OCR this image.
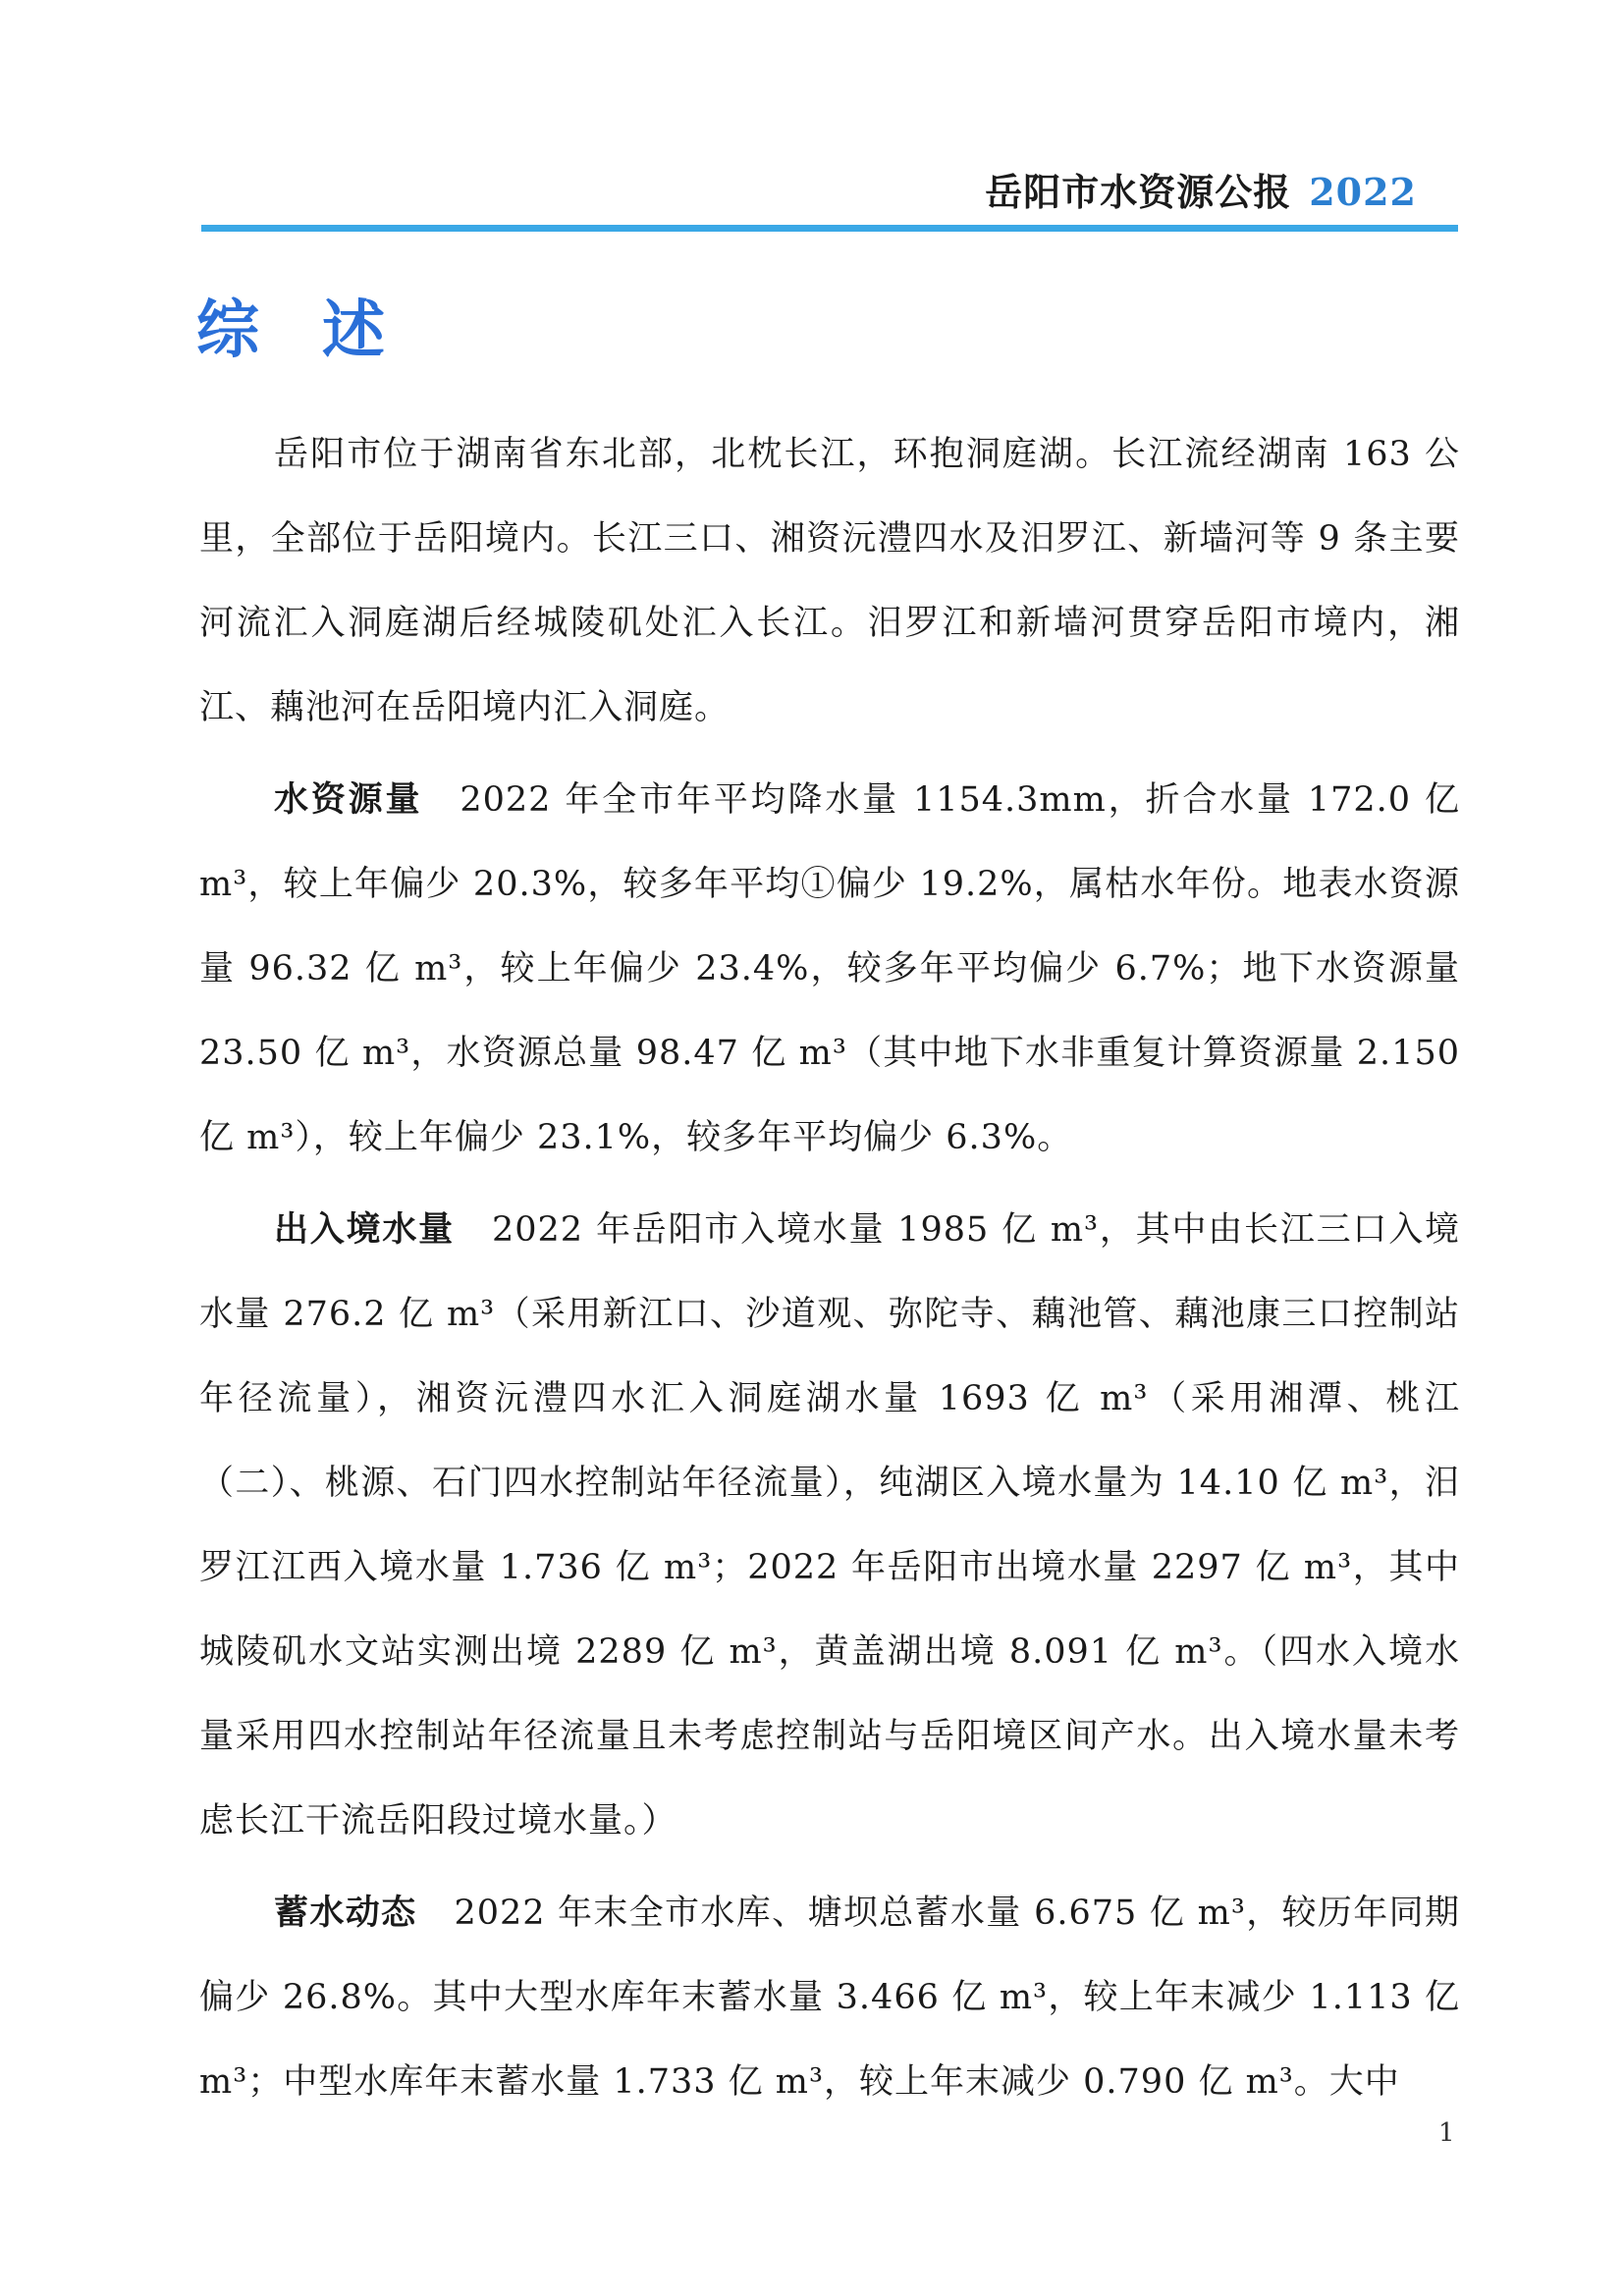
岳阳市水资源公报 2022
综述

岳阳市位于湖南省东北部，北枕长江，环抱洞庭湖。长江流经湖南 163 公里，全部位于岳阳境内。长江三口、湘资沅澧四水及汨罗江、新墙河等 9 条主要河流汇入洞庭湖后经城陵矶处汇入长江。汨罗江和新墙河贯穿岳阳市境内，湘江、藕池河在岳阳境内汇入洞庭。

水资源量 2022 年全市年平均降水量 1154.3mm，折合水量 172.0 亿 m³，较上年偏少 20.3%，较多年平均①偏少 19.2%，属枯水年份。地表水资源量 96.32 亿 m³，较上年偏少 23.4%，较多年平均偏少 6.7%；地下水资源量 23.50 亿 m³，水资源总量 98.47 亿 m³（其中地下水非重复计算资源量 2.150 亿 m³），较上年偏少 23.1%，较多年平均偏少 6.3%。

出入境水量 2022 年岳阳市入境水量 1985 亿 m³，其中由长江三口入境水量 276.2 亿 m³（采用新江口、沙道观、弥陀寺、藕池管、藕池康三口控制站年径流量），湘资沅澧四水汇入洞庭湖水量 1693 亿 m³（采用湘潭、桃江（二）、桃源、石门四水控制站年径流量），纯湖区入境水量为 14.10 亿 m³，汨罗江江西入境水量 1.736 亿 m³；2022 年岳阳市出境水量 2297 亿 m³，其中城陵矶水文站实测出境 2289 亿 m³，黄盖湖出境 8.091 亿 m³。（四水入境水量采用四水控制站年径流量且未考虑控制站与岳阳境区间产水。出入境水量未考虑长江干流岳阳段过境水量。）

蓄水动态 2022 年末全市水库、塘坝总蓄水量 6.675 亿 m³，较历年同期偏少 26.8%。其中大型水库年末蓄水量 3.466 亿 m³，较上年末减少 1.113 亿 m³；中型水库年末蓄水量 1.733 亿 m³，较上年末减少 0.790 亿 m³。大中

1
